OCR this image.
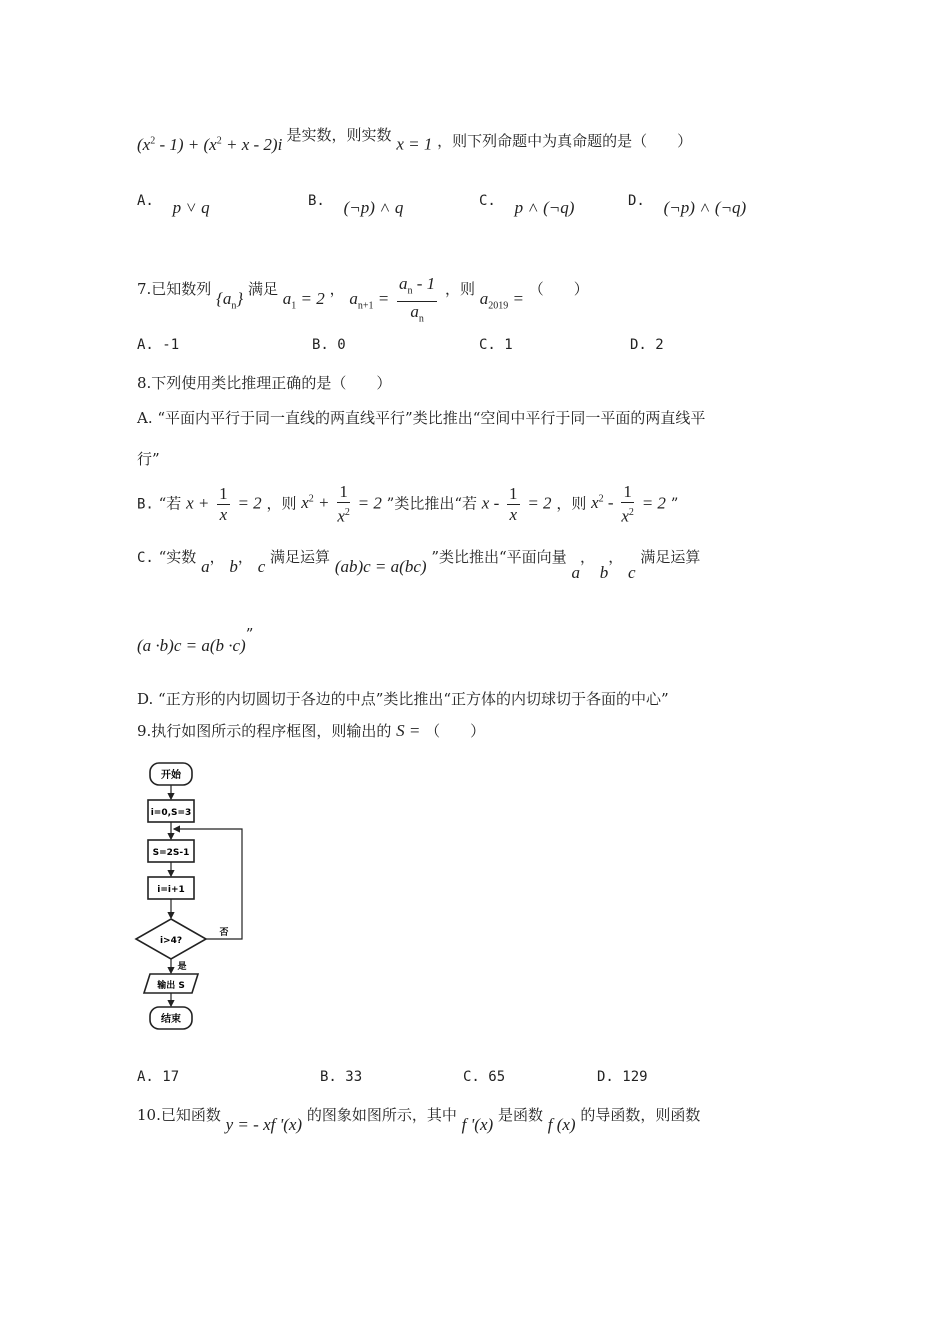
$(x^2 - 1) + (x^2 + x - 2)i$ 是实数，则实数 x = 1 ，则下列命题中为真命题的是（　　）
A. p ˅ q	B. (¬p) ˄ q	C. p ˄ (¬q)	D. (¬p) ˄ (¬q)
7.已知数列 $\{a_n\}$ 满足 $a_1 = 2$ ， $a_{n+1} = \frac{a_n - 1}{a_n}$ ，则 $a_{2019}$ = （　　）
A. -1	B. 0	C. 1	D. 2
8.下列使用类比推理正确的是（　　）
A. “平面内平行于同一直线的两直线平行”类比推出“空间中平行于同一平面的两直线平
行”
B. “若 $x + \frac{1}{x} = 2$ ，则 $x^2 + \frac{1}{x^2} = 2$ ”类比推出“若 $x - \frac{1}{x} = 2$ ，则 $x^2 - \frac{1}{x^2} = 2$ ”
C. “实数 a， b， c 满足运算 (ab)c = a(bc) ”类比推出“平面向量 a， b， c 满足运算
(a ·b)c = a(b ·c)”
D. “正方形的内切圆切于各边的中点”类比推出“正方体的内切球切于各面的中心”
9.执行如图所示的程序框图，则输出的 S = （　　）
开始
i=0,S=3
S=2S-1
i=i+1
i>4?
否
是
输出 S
结束
A. 17	B. 33	C. 65	D. 129
10.已知函数 y = - xf '(x) 的图象如图所示，其中 f '(x) 是函数 f (x) 的导函数，则函数
